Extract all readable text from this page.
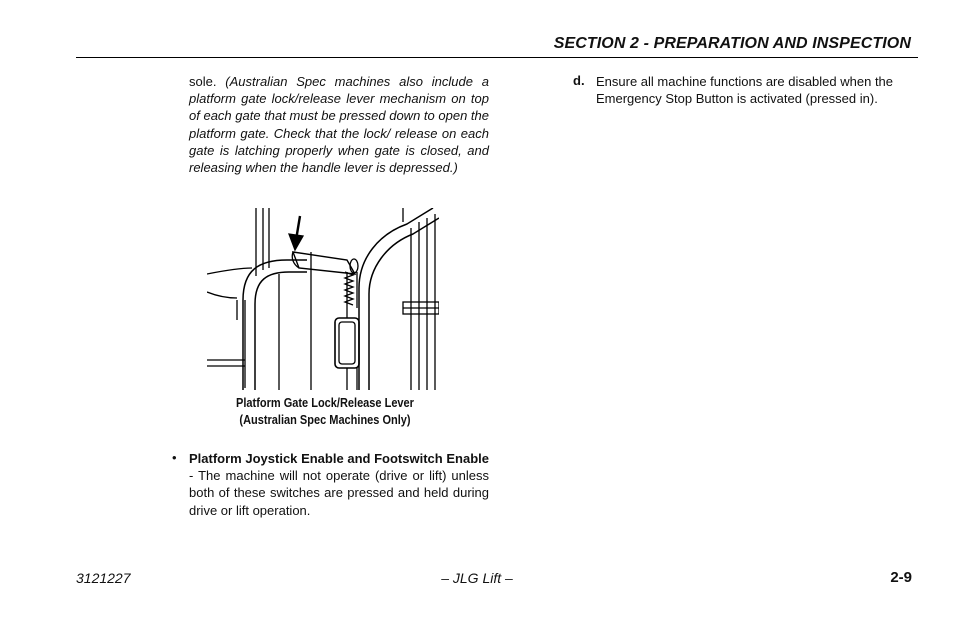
SECTION 2 - PREPARATION AND INSPECTION
sole. (Australian Spec machines also include a platform gate lock/release lever mechanism on top of each gate that must be pressed down to open the platform gate. Check that the lock/ release on each gate is latching properly when gate is closed, and releasing when the handle lever is depressed.)
Platform Gate Lock/Release Lever
(Australian Spec Machines Only)
• Platform Joystick Enable and Footswitch Enable - The machine will not operate (drive or lift) unless both of these switches are pressed and held during drive or lift operation.
d. Ensure all machine functions are disabled when the Emergency Stop Button is activated (pressed in).
3121227	– JLG Lift –	2-9
